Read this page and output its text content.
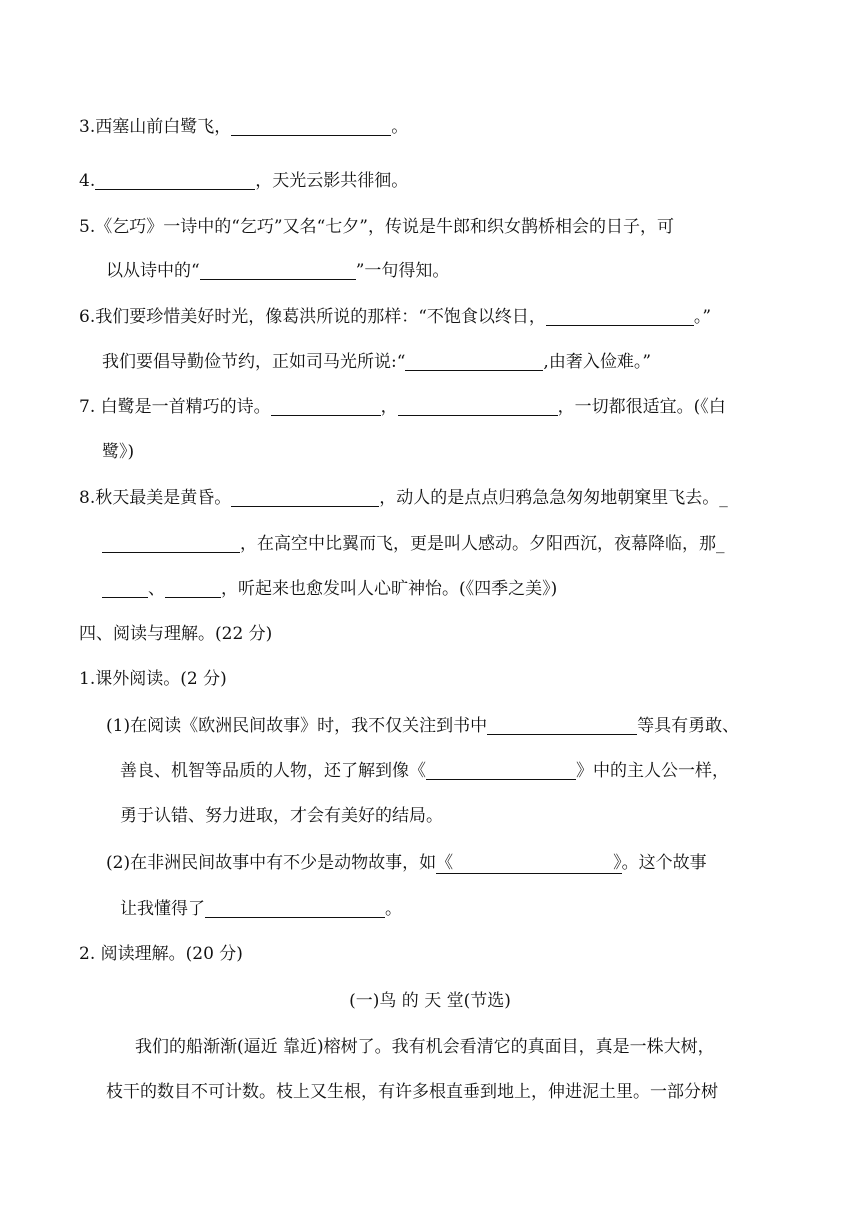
3.西塞山前白鹭飞，	。
4.	，天光云影共徘徊。
5.《乞巧》一诗中的“乞巧”又名“七夕”，传说是牛郎和织女鹊桥相会的日子，可
以从诗中的“	”一句得知。
6.我们要珍惜美好时光，像葛洪所说的那样：“不饱食以终日，	。”
我们要倡导勤俭节约，正如司马光所说:“	,由奢入俭难。”
7. 白鹭是一首精巧的诗。	，	，一切都很适宜。(《白
鹭》)
8.秋天最美是黄昏。	，动人的是点点归鸦急急匆匆地朝窠里飞去。_
，在高空中比翼而飞，更是叫人感动。夕阳西沉，夜幕降临，那_
、	，听起来也愈发叫人心旷神怡。(《四季之美》)
四、阅读与理解。(22 分)
1.课外阅读。(2 分)
(1)在阅读《欧洲民间故事》时，我不仅关注到书中	等具有勇敢、
善良、机智等品质的人物，还了解到像《	》中的主人公一样，
勇于认错、努力进取，才会有美好的结局。
(2)在非洲民间故事中有不少是动物故事，如《	》。这个故事
让我懂得了	。
2. 阅读理解。(20 分)
(一)鸟 的 天 堂(节选)
我们的船渐渐(逼近 靠近)榕树了。我有机会看清它的真面目，真是一株大树，
枝干的数目不可计数。枝上又生根，有许多根直垂到地上，伸进泥土里。一部分树
